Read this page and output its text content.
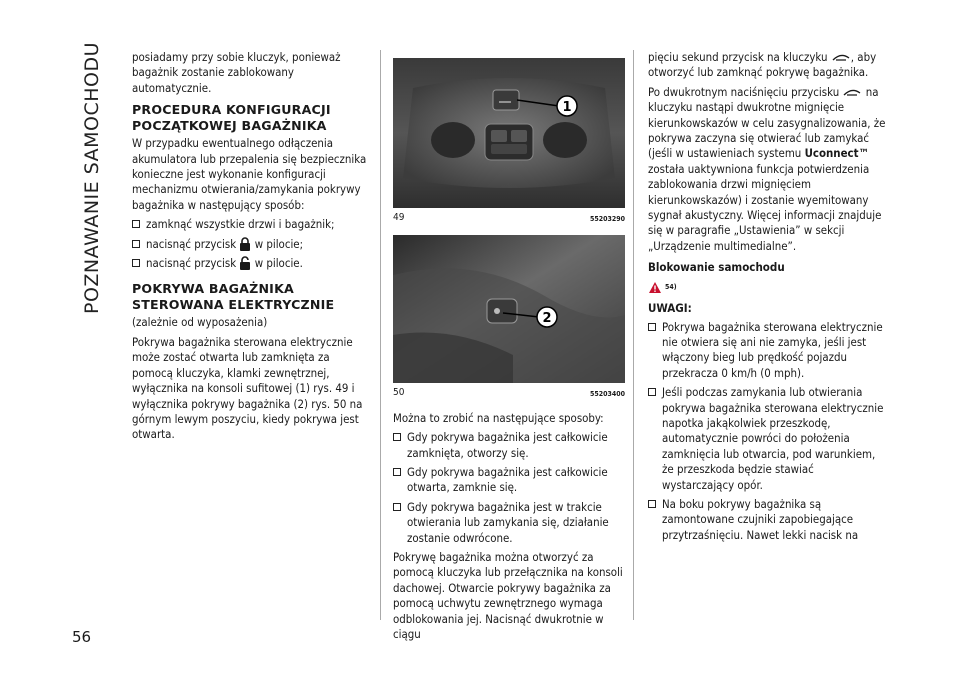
POZNAWANIE SAMOCHODU
56

posiadamy przy sobie kluczyk, ponieważ bagażnik zostanie zablokowany automatycznie.

PROCEDURA KONFIGURACJI POCZĄTKOWEJ BAGAŻNIKA

W przypadku ewentualnego odłączenia akumulatora lub przepalenia się bezpiecznika konieczne jest wykonanie konfiguracji mechanizmu otwierania/zamykania pokrywy bagażnika w następujący sposób:

zamknąć wszystkie drzwi i bagażnik;

nacisnąć przycisk w pilocie;

nacisnąć przycisk w pilocie.

POKRYWA BAGAŻNIKA STEROWANA ELEKTRYCZNIE

(zależnie od wyposażenia)

Pokrywa bagażnika sterowana elektrycznie może zostać otwarta lub zamknięta za pomocą kluczyka, klamki zewnętrznej, wyłącznika na konsoli sufitowej (1) rys. 49 i wyłącznika pokrywy bagażnika (2) rys. 50 na górnym lewym poszyciu, kiedy pokrywa jest otwarta.

1
49	55203290
2
50	55203400

Można to zrobić na następujące sposoby:

Gdy pokrywa bagażnika jest całkowicie zamknięta, otworzy się.

Gdy pokrywa bagażnika jest całkowicie otwarta, zamknie się.

Gdy pokrywa bagażnika jest w trakcie otwierania lub zamykania się, działanie zostanie odwrócone.

Pokrywę bagażnika można otworzyć za pomocą kluczyka lub przełącznika na konsoli dachowej. Otwarcie pokrywy bagażnika za pomocą uchwytu zewnętrznego wymaga odblokowania jej. Nacisnąć dwukrotnie w ciągu

pięciu sekund przycisk na kluczyku , aby otworzyć lub zamknąć pokrywę bagażnika.

Po dwukrotnym naciśnięciu przycisku na kluczyku nastąpi dwukrotne mignięcie kierunkowskazów w celu zasygnalizowania, że pokrywa zaczyna się otwierać lub zamykać (jeśli w ustawieniach systemu Uconnect™ została uaktywniona funkcja potwierdzenia zablokowania drzwi mignięciem kierunkowskazów) i zostanie wyemitowany sygnał akustyczny. Więcej informacji znajduje się w paragrafie „Ustawienia” w sekcji „Urządzenie multimedialne”.

Blokowanie samochodu
54)
UWAGI:

Pokrywa bagażnika sterowana elektrycznie nie otwiera się ani nie zamyka, jeśli jest włączony bieg lub prędkość pojazdu przekracza 0 km/h (0 mph).

Jeśli podczas zamykania lub otwierania pokrywa bagażnika sterowana elektrycznie napotka jakąkolwiek przeszkodę, automatycznie powróci do położenia zamknięcia lub otwarcia, pod warunkiem, że przeszkoda będzie stawiać wystarczający opór.

Na boku pokrywy bagażnika są zamontowane czujniki zapobiegające przytrzaśnięciu. Nawet lekki nacisk na
